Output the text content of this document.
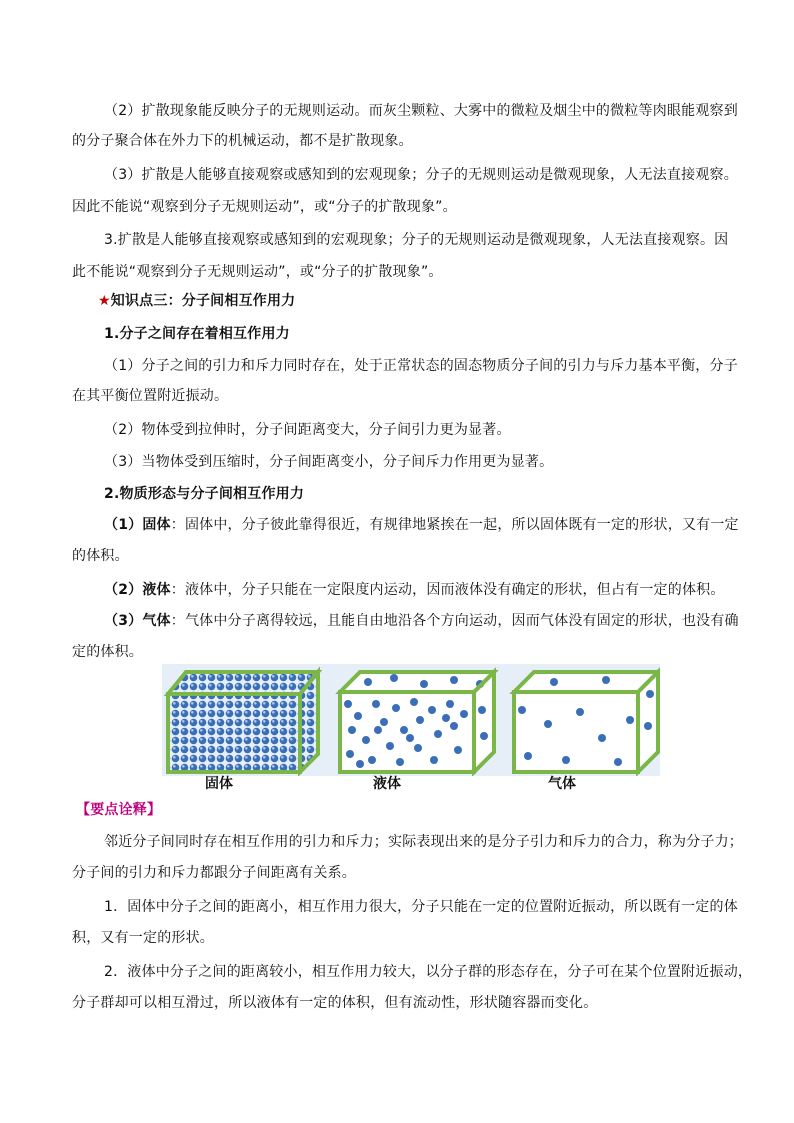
（2）扩散现象能反映分子的无规则运动。而灰尘颗粒、大雾中的微粒及烟尘中的微粒等肉眼能观察到
的分子聚合体在外力下的机械运动，都不是扩散现象。
（3）扩散是人能够直接观察或感知到的宏观现象；分子的无规则运动是微观现象，人无法直接观察。
因此不能说“观察到分子无规则运动”，或“分子的扩散现象”。
3.扩散是人能够直接观察或感知到的宏观现象；分子的无规则运动是微观现象，人无法直接观察。因
此不能说“观察到分子无规则运动”，或“分子的扩散现象”。
★知识点三：分子间相互作用力
1.分子之间存在着相互作用力
（1）分子之间的引力和斥力同时存在，处于正常状态的固态物质分子间的引力与斥力基本平衡，分子
在其平衡位置附近振动。
（2）物体受到拉伸时，分子间距离变大，分子间引力更为显著。
（3）当物体受到压缩时，分子间距离变小，分子间斥力作用更为显著。
2.物质形态与分子间相互作用力
（1）固体：固体中，分子彼此靠得很近，有规律地紧挨在一起，所以固体既有一定的形状，又有一定
的体积。
（2）液体：液体中，分子只能在一定限度内运动，因而液体没有确定的形状，但占有一定的体积。
（3）气体：气体中分子离得较远，且能自由地沿各个方向运动，因而气体没有固定的形状，也没有确
定的体积。
固体	液体	气体
【要点诠释】
邻近分子间同时存在相互作用的引力和斥力；实际表现出来的是分子引力和斥力的合力，称为分子力；
分子间的引力和斥力都跟分子间距离有关系。
1．固体中分子之间的距离小，相互作用力很大，分子只能在一定的位置附近振动，所以既有一定的体
积，又有一定的形状。
2．液体中分子之间的距离较小，相互作用力较大，以分子群的形态存在，分子可在某个位置附近振动，
分子群却可以相互滑过，所以液体有一定的体积，但有流动性，形状随容器而变化。
